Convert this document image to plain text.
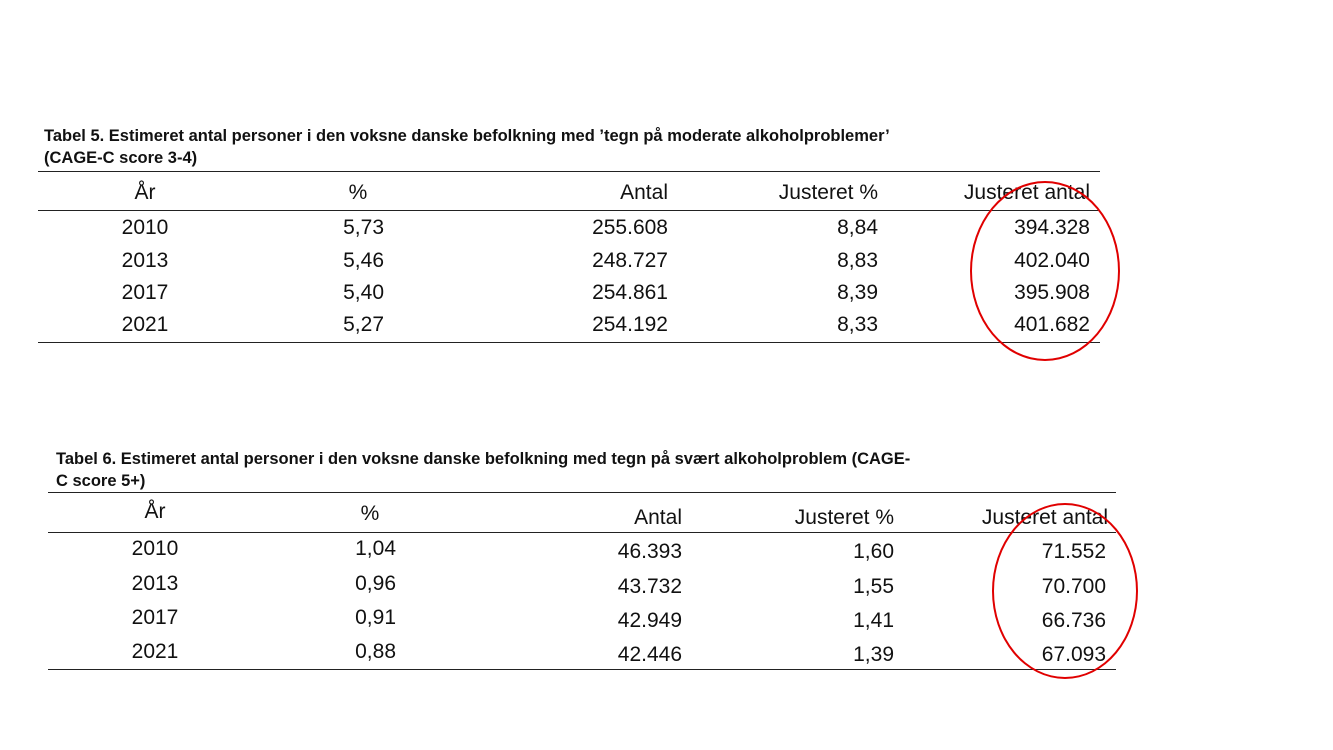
Tabel 5. Estimeret antal personer i den voksne danske befolkning med ’tegn på moderate alkoholproblemer’
(CAGE-C score 3-4)
År	%	Antal	Justeret %	Justeret antal
2010	5,73	255.608	8,84	394.328
2013	5,46	248.727	8,83	402.040
2017	5,40	254.861	8,39	395.908
2021	5,27	254.192	8,33	401.682
Tabel 6. Estimeret antal personer i den voksne danske befolkning med tegn på svært alkoholproblem (CAGE-
C score 5+)
År	%	Antal	Justeret %	Justeret antal
2010	1,04	46.393	1,60	71.552
2013	0,96	43.732	1,55	70.700
2017	0,91	42.949	1,41	66.736
2021	0,88	42.446	1,39	67.093
